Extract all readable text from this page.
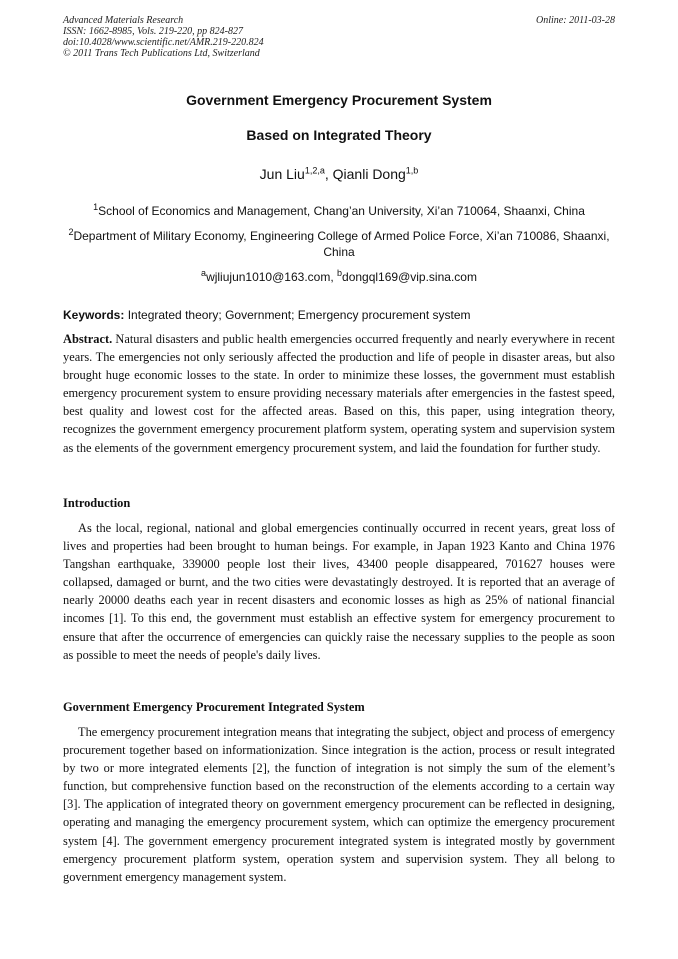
Advanced Materials Research
ISSN: 1662-8985, Vols. 219-220, pp 824-827
doi:10.4028/www.scientific.net/AMR.219-220.824
© 2011 Trans Tech Publications Ltd, Switzerland
Online: 2011-03-28
Government Emergency Procurement System
Based on Integrated Theory
Jun Liu$^{1,2,a}$, Qianli Dong$^{1,b}$
$^1$School of Economics and Management, Chang’an University, Xi’an 710064, Shaanxi, China
$^2$Department of Military Economy, Engineering College of Armed Police Force, Xi’an 710086, Shaanxi, China
$^a$wjliujun1010@163.com, $^b$dongql169@vip.sina.com
Keywords: Integrated theory; Government; Emergency procurement system
Abstract. Natural disasters and public health emergencies occurred frequently and nearly everywhere in recent years. The emergencies not only seriously affected the production and life of people in disaster areas, but also brought huge economic losses to the state. In order to minimize these losses, the government must establish emergency procurement system to ensure providing necessary materials after emergencies in the fastest speed, best quality and lowest cost for the affected areas. Based on this, this paper, using integration theory, recognizes the government emergency procurement platform system, operating system and supervision system as the elements of the government emergency procurement system, and laid the foundation for further study.
Introduction
As the local, regional, national and global emergencies continually occurred in recent years, great loss of lives and properties had been brought to human beings. For example, in Japan 1923 Kanto and China 1976 Tangshan earthquake, 339000 people lost their lives, 43400 people disappeared, 701627 houses were collapsed, damaged or burnt, and the two cities were devastatingly destroyed. It is reported that an average of nearly 20000 deaths each year in recent disasters and economic losses as high as 25% of national financial incomes [1]. To this end, the government must establish an effective system for emergency procurement to ensure that after the occurrence of emergencies can quickly raise the necessary supplies to the people as soon as possible to meet the needs of people's daily lives.
Government Emergency Procurement Integrated System
The emergency procurement integration means that integrating the subject, object and process of emergency procurement together based on informationization. Since integration is the action, process or result integrated by two or more integrated elements [2], the function of integration is not simply the sum of the element’s function, but comprehensive function based on the reconstruction of the elements according to a certain way [3]. The application of integrated theory on government emergency procurement can be reflected in designing, operating and managing the emergency procurement system, which can optimize the emergency procurement system [4]. The government emergency procurement integrated system is integrated mostly by government emergency procurement platform system, operation system and supervision system. They all belong to government emergency management system.
